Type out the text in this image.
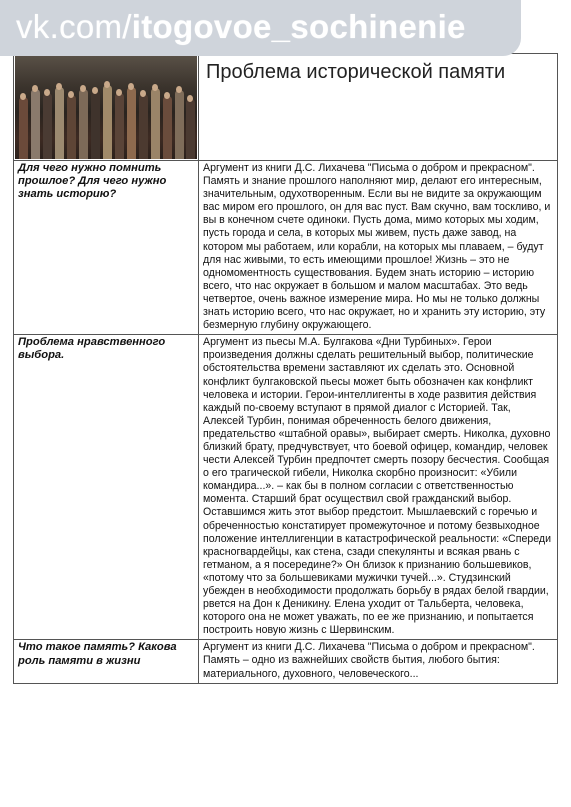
vk.com/itogovoe_sochinenie

	Проблема исторической памяти

Для чего нужно помнить прошлое? Для чего нужно знать историю?	Аргумент из книги Д.С. Лихачева "Письма о добром и прекрасном". Память и знание прошлого наполняют мир, делают его интересным, значительным, одухотворенным. Если вы не видите за окружающим вас миром его прошлого, он для вас пуст. Вам скучно, вам тоскливо, и вы в конечном счете одиноки. Пусть дома, мимо которых мы ходим, пусть города и села, в которых мы живем, пусть даже завод, на котором мы работаем, или корабли, на которых мы плаваем, – будут для нас живыми, то есть имеющими прошлое! Жизнь – это не одномоментность существования. Будем знать историю – историю всего, что нас окружает в большом и малом масштабах. Это ведь четвертое, очень важное измерение мира. Но мы не только должны знать историю всего, что нас окружает, но и хранить эту историю, эту безмерную глубину окружающего.

Проблема нравственного выбора.	Аргумент из пьесы М.А. Булгакова «Дни Турбиных». Герои произведения должны сделать решительный выбор, политические обстоятельства времени заставляют их сделать это. Основной конфликт булгаковской пьесы может быть обозначен как конфликт человека и истории. Герои-интеллигенты в ходе развития действия каждый по-своему вступают в прямой диалог с Историей. Так, Алексей Турбин, понимая обреченность белого движения, предательство «штабной оравы», выбирает смерть. Николка, духовно близкий брату, предчувствует, что боевой офицер, командир, человек чести Алексей Турбин предпочтет смерть позору бесчестия. Сообщая о его трагической гибели, Николка скорбно произносит: «Убили командира...». – как бы в полном согласии с ответственностью момента. Старший брат осуществил свой гражданский выбор. Оставшимся жить этот выбор предстоит. Мышлаевский с горечью и обреченностью констатирует промежуточное и потому безвыходное положение интеллигенции в катастрофической реальности: «Спереди красногвардейцы, как стена, сзади спекулянты и всякая рвань с гетманом, а я посередине?» Он близок к признанию большевиков, «потому что за большевиками мужички тучей...». Студзинский убежден в необходимости продолжать борьбу в рядах белой гвардии, рвется на Дон к Деникину. Елена уходит от Тальберта, человека, которого она не может уважать, по ее же признанию, и попытается построить новую жизнь с Шервинским.

Что такое память? Какова роль памяти в жизни	Аргумент из книги Д.С. Лихачева "Письма о добром и прекрасном". Память – одно из важнейших свойств бытия, любого бытия: материального, духовного, человеческого...
